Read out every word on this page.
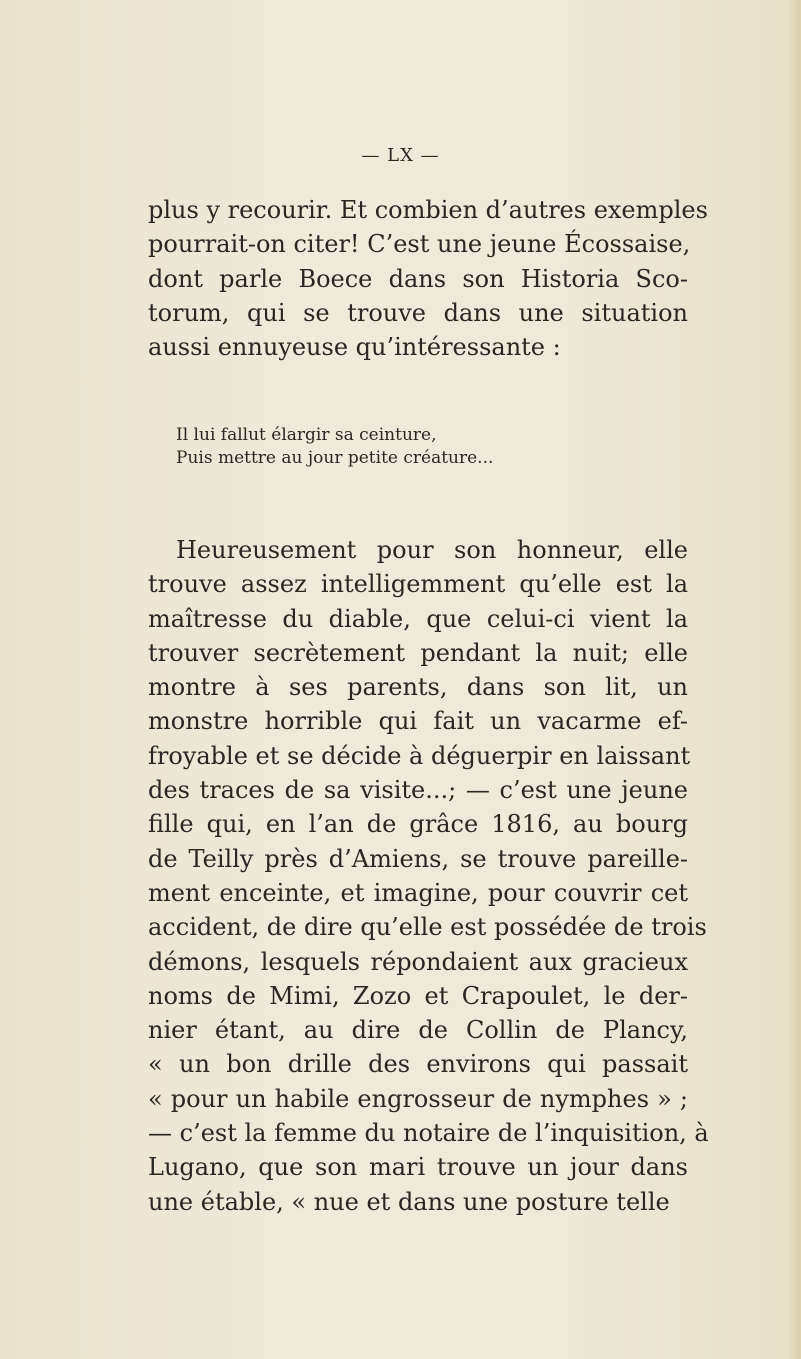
— LX —
plus y recourir. Et combien d’autres exemples
pourrait-on citer! C’est une jeune Écossaise,
dont parle Boece dans son Historia Sco-
torum, qui se trouve dans une situation
aussi ennuyeuse qu’intéressante :
Il lui fallut élargir sa ceinture,
Puis mettre au jour petite créature...
Heureusement pour son honneur, elle
trouve assez intelligemment qu’elle est la
maîtresse du diable, que celui-ci vient la
trouver secrètement pendant la nuit; elle
montre à ses parents, dans son lit, un
monstre horrible qui fait un vacarme ef-
froyable et se décide à déguerpir en laissant
des traces de sa visite...; — c’est une jeune
fille qui, en l’an de grâce 1816, au bourg
de Teilly près d’Amiens, se trouve pareille-
ment enceinte, et imagine, pour couvrir cet
accident, de dire qu’elle est possédée de trois
démons, lesquels répondaient aux gracieux
noms de Mimi, Zozo et Crapoulet, le der-
nier étant, au dire de Collin de Plancy,
« un bon drille des environs qui passait
« pour un habile engrosseur de nymphes » ;
— c’est la femme du notaire de l’inquisition, à
Lugano, que son mari trouve un jour dans
une étable, « nue et dans une posture telle
